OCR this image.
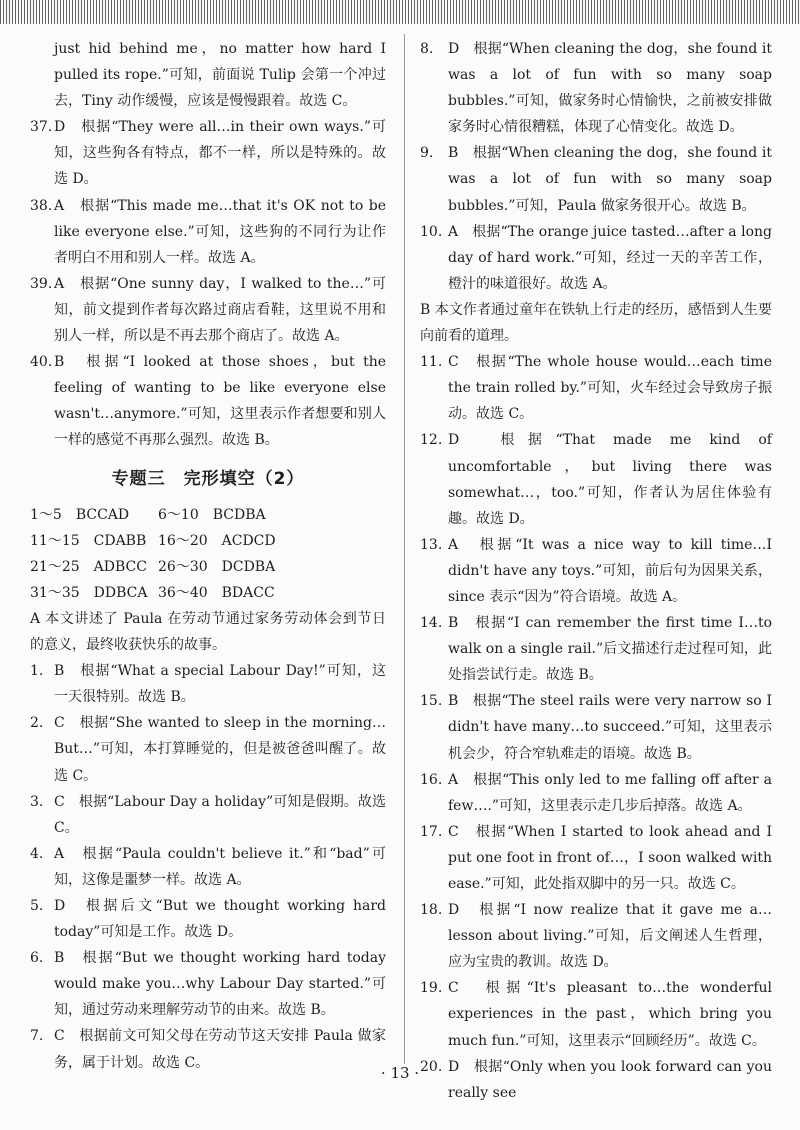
just hid behind me，no matter how hard I pulled its rope.”可知，前面说 Tulip 会第一个冲过去，Tiny 动作缓慢，应该是慢慢跟着。故选 C。
37. D　根据“They were all…in their own ways.”可知，这些狗各有特点，都不一样，所以是特殊的。故选 D。
38. A　根据“This made me…that it's OK not to be like everyone else.”可知，这些狗的不同行为让作者明白不用和别人一样。故选 A。
39. A　根据“One sunny day，I walked to the…”可知，前文提到作者每次路过商店看鞋，这里说不用和别人一样，所以是不再去那个商店了。故选 A。
40. B　根据“I looked at those shoes，but the feeling of wanting to be like everyone else wasn't…anymore.”可知，这里表示作者想要和别人一样的感觉不再那么强烈。故选 B。
专题三　完形填空（2）
1～5　BCCAD 6～10　BCDBA
11～15　CDABB 16～20　ACDCD
21～25　ADBCC 26～30　DCDBA
31～35　DDBCA 36～40　BDACC
A 本文讲述了 Paula 在劳动节通过家务劳动体会到节日的意义，最终收获快乐的故事。
1. B　根据“What a special Labour Day!”可知，这一天很特别。故选 B。
2. C　根据“She wanted to sleep in the morning…But…”可知，本打算睡觉的，但是被爸爸叫醒了。故选 C。
3. C　根据“Labour Day a holiday”可知是假期。故选 C。
4. A　根据“Paula couldn't believe it.”和“bad”可知，这像是噩梦一样。故选 A。
5. D　根据后文“But we thought working hard today”可知是工作。故选 D。
6. B　根据“But we thought working hard today would make you…why Labour Day started.”可知，通过劳动来理解劳动节的由来。故选 B。
7. C　根据前文可知父母在劳动节这天安排 Paula 做家务，属于计划。故选 C。
8.	D　根据“When cleaning the dog，she found it was a lot of fun with so many soap bubbles.”可知，做家务时心情愉快，之前被安排做家务时心情很糟糕，体现了心情变化。故选 D。
9.	B　根据“When cleaning the dog，she found it was a lot of fun with so many soap bubbles.”可知，Paula 做家务很开心。故选 B。
10. A　根据“The orange juice tasted…after a long day of hard work.”可知，经过一天的辛苦工作，橙汁的味道很好。故选 A。
B 本文作者通过童年在铁轨上行走的经历，感悟到人生要向前看的道理。
11. C　根据“The whole house would…each time the train rolled by.”可知，火车经过会导致房子振动。故选 C。
12. D　根据“That made me kind of uncomfortable，but living there was somewhat…，too.”可知，作者认为居住体验有趣。故选 D。
13. A　根据“It was a nice way to kill time…I didn't have any toys.”可知，前后句为因果关系，since 表示“因为”符合语境。故选 A。
14. B　根据“I can remember the first time I…to walk on a single rail.”后文描述行走过程可知，此处指尝试行走。故选 B。
15. B　根据“The steel rails were very narrow so I didn't have many…to succeed.”可知，这里表示机会少，符合窄轨难走的语境。故选 B。
16. A　根据“This only led to me falling off after a few….”可知，这里表示走几步后掉落。故选 A。
17. C　根据“When I started to look ahead and I put one foot in front of…，I soon walked with ease.”可知，此处指双脚中的另一只。故选 C。
18. D　根据“I now realize that it gave me a…lesson about living.”可知，后文阐述人生哲理，应为宝贵的教训。故选 D。
19. C　根据“It's pleasant to…the wonderful experiences in the past，which bring you much fun.”可知，这里表示“回顾经历”。故选 C。
20. D　根据“Only when you look forward can you really see
· 13 ·
